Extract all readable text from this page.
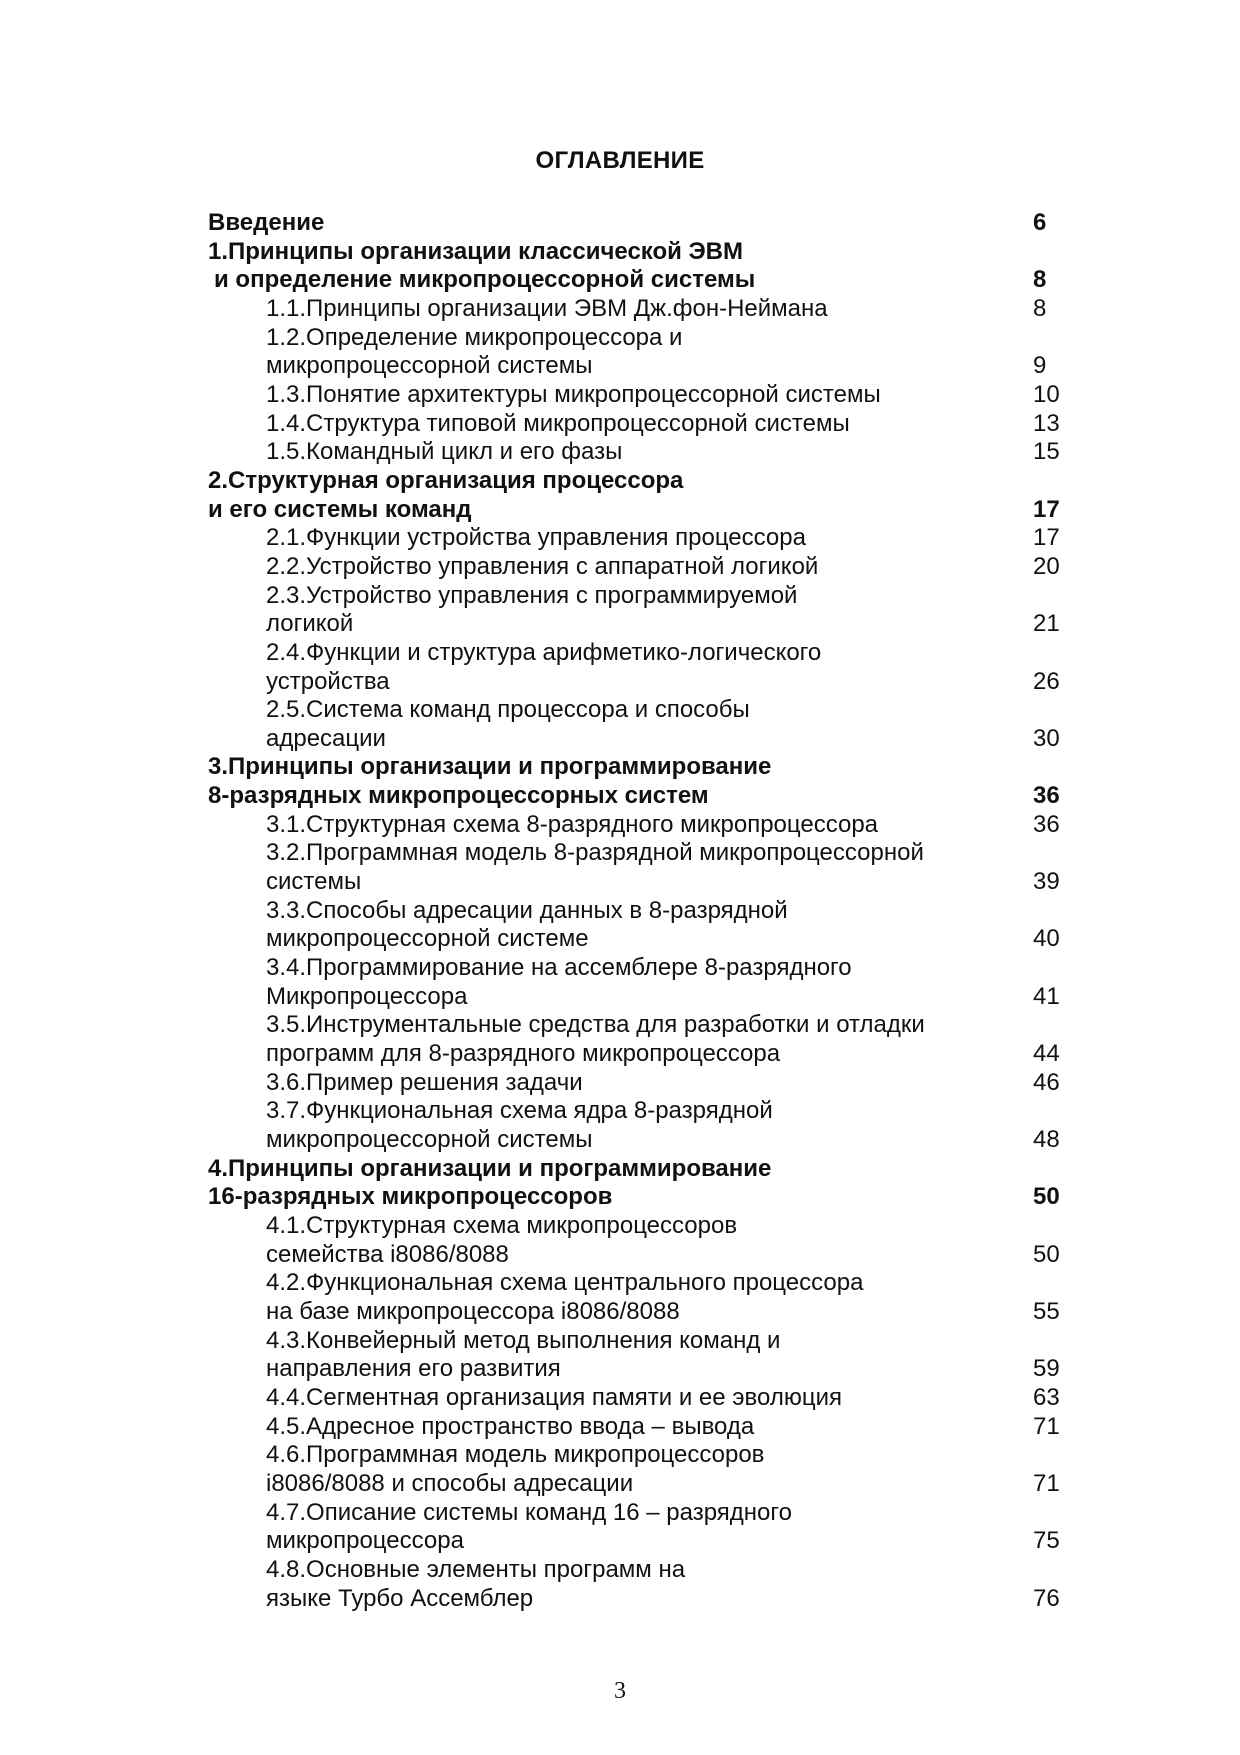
ОГЛАВЛЕНИЕ
Введение	6
1.Принципы организации классической ЭВМ
и определение микропроцессорной системы	8
1.1.Принципы организации ЭВМ Дж.фон-Неймана	8
1.2.Определение микропроцессора и
микропроцессорной системы	9
1.3.Понятие архитектуры микропроцессорной системы	10
1.4.Структура типовой микропроцессорной системы	13
1.5.Командный цикл и его фазы	15
2.Структурная организация процессора
и его системы команд	17
2.1.Функции устройства управления процессора	17
2.2.Устройство управления с аппаратной логикой	20
2.3.Устройство управления с программируемой
логикой	21
2.4.Функции и структура арифметико-логического
устройства	26
2.5.Система команд процессора и способы
адресации	30
3.Принципы организации и программирование
8-разрядных микропроцессорных систем	36
3.1.Структурная схема 8-разрядного микропроцессора	36
3.2.Программная модель 8-разрядной микропроцессорной
системы	39
3.3.Способы адресации данных в 8-разрядной
микропроцессорной системе	40
3.4.Программирование на ассемблере 8-разрядного
Микропроцессора	41
3.5.Инструментальные средства для разработки и отладки
программ для 8-разрядного микропроцессора	44
3.6.Пример решения задачи	46
3.7.Функциональная схема ядра 8-разрядной
микропроцессорной системы	48
4.Принципы организации и программирование
16-разрядных микропроцессоров	50
4.1.Структурная схема микропроцессоров
семейства i8086/8088	50
4.2.Функциональная схема центрального процессора
на базе микропроцессора i8086/8088	55
4.3.Конвейерный метод выполнения команд и
направления его развития	59
4.4.Сегментная организация памяти и ее эволюция	63
4.5.Адресное пространство ввода – вывода	71
4.6.Программная модель микропроцессоров
i8086/8088 и способы адресации	71
4.7.Описание системы команд 16 – разрядного
микропроцессора	75
4.8.Основные элементы программ на
языке Турбо Ассемблер	76
3
